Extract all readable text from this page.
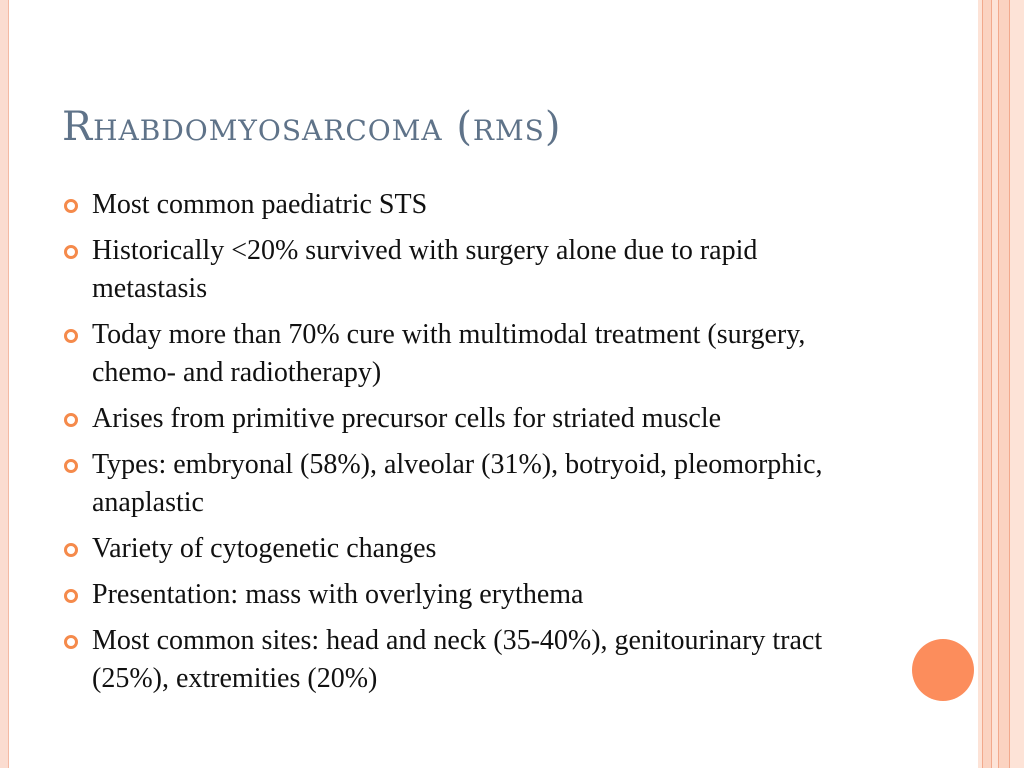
Rhabdomyosarcoma (rms)
Most common paediatric STS
Historically <20% survived with surgery alone due to rapid metastasis
Today more than 70% cure with multimodal treatment (surgery, chemo- and radiotherapy)
Arises from primitive precursor cells for striated muscle
Types: embryonal (58%), alveolar (31%), botryoid, pleomorphic, anaplastic
Variety of cytogenetic changes
Presentation: mass with overlying erythema
Most common sites: head and neck (35-40%), genitourinary tract (25%), extremities (20%)
